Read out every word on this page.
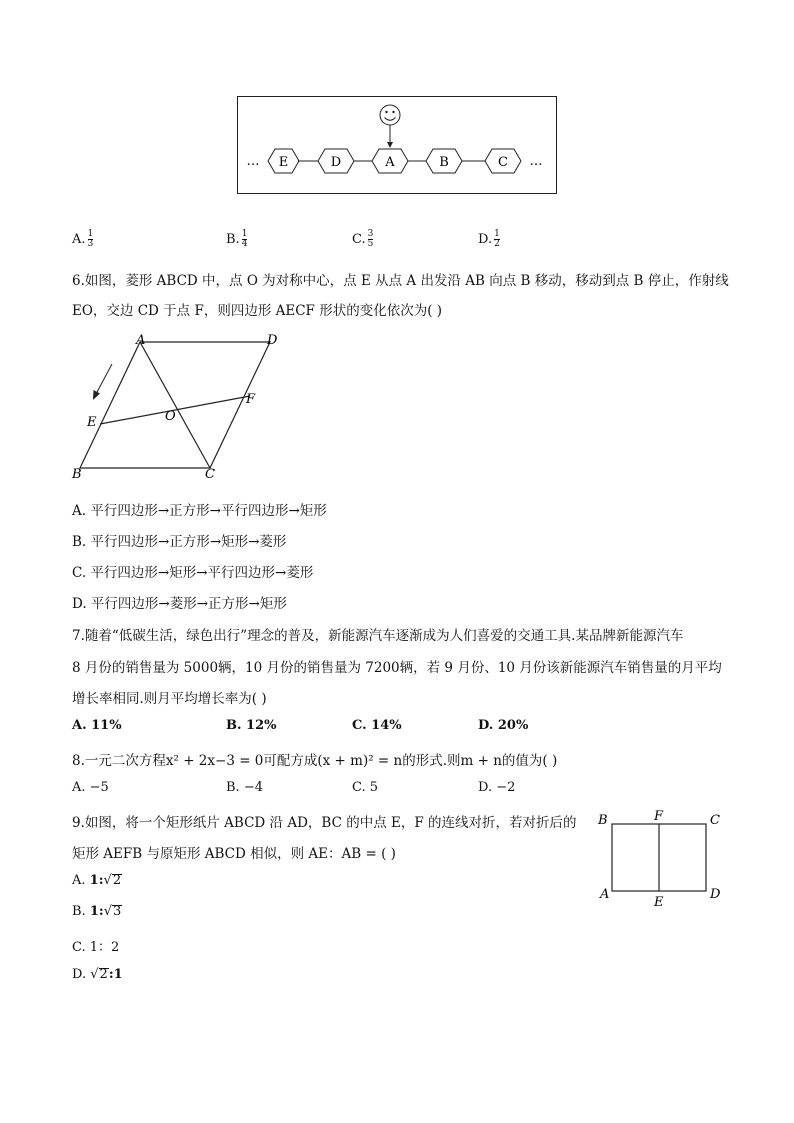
E	D	A	B	C
…	…
A. $\frac{1}{3}$	B. $\frac{1}{4}$	C. $\frac{3}{5}$	D. $\frac{1}{2}$
6.如图，菱形 ABCD 中，点 O 为对称中心，点 E 从点 A 出发沿 AB 向点 B 移动，移动到点 B 停止，作射线
EO，交边 CD 于点 F，则四边形 AECF 形状的变化依次为( )
A	D
B	C
E
F
O
A. 平行四边形→正方形→平行四边形→矩形
B. 平行四边形→正方形→矩形→菱形
C. 平行四边形→矩形→平行四边形→菱形
D. 平行四边形→菱形→正方形→矩形
7.随着“低碳生活，绿色出行”理念的普及，新能源汽车逐渐成为人们喜爱的交通工具.某品牌新能源汽车
8 月份的销售量为 5000辆，10 月份的销售量为 7200辆，若 9 月份、10 月份该新能源汽车销售量的月平均
增长率相同.则月平均增长率为( )
A. 11%	B. 12%	C. 14%	D. 20%
8.一元二次方程x² + 2x−3 = 0可配方成(x + m)² = n的形式.则m + n的值为( )
A. −5	B. −4	C. 5	D. −2
9.如图，将一个矩形纸片 ABCD 沿 AD，BC 的中点 E，F 的连线对折，若对折后的
矩形 AEFB 与原矩形 ABCD 相似，则 AE：AB = ( )
B	F	C
A
E
D
A. 1:√2
B. 1:√3
C. 1：2
D. √2:1
